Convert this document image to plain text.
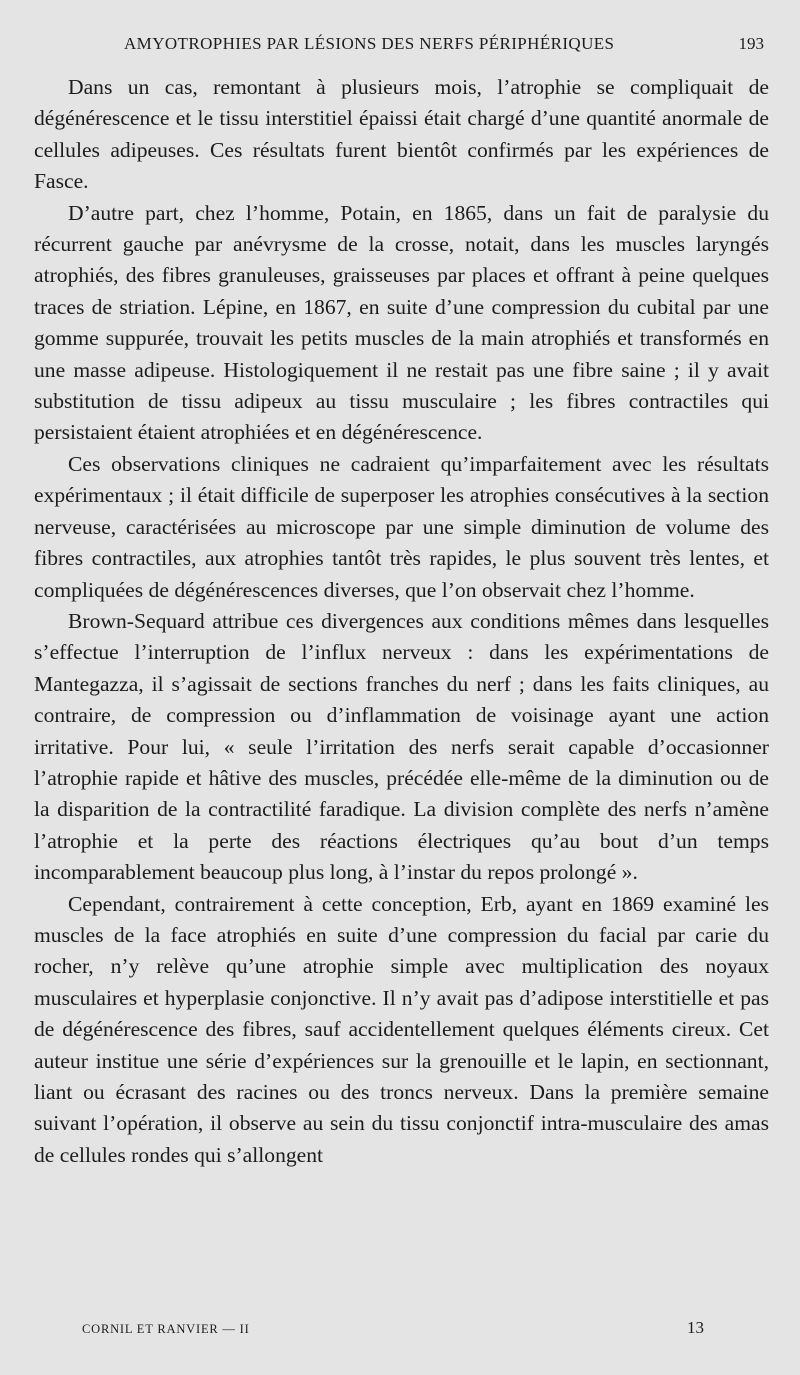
AMYOTROPHIES PAR LÉSIONS DES NERFS PÉRIPHÉRIQUES	193

Dans un cas, remontant à plusieurs mois, l’atrophie se compliquait de dégénérescence et le tissu interstitiel épaissi était chargé d’une quantité anormale de cellules adipeuses. Ces résultats furent bientôt confirmés par les expériences de Fasce.

D’autre part, chez l’homme, Potain, en 1865, dans un fait de paralysie du récurrent gauche par anévrysme de la crosse, notait, dans les muscles laryngés atrophiés, des fibres granuleuses, graisseuses par places et offrant à peine quelques traces de striation. Lépine, en 1867, en suite d’une compression du cubital par une gomme suppurée, trouvait les petits muscles de la main atrophiés et transformés en une masse adipeuse. Histologiquement il ne restait pas une fibre saine ; il y avait substitution de tissu adipeux au tissu musculaire ; les fibres contractiles qui persistaient étaient atrophiées et en dégénérescence.

Ces observations cliniques ne cadraient qu’imparfaitement avec les résultats expérimentaux ; il était difficile de superposer les atrophies consécutives à la section nerveuse, caractérisées au microscope par une simple diminution de volume des fibres contractiles, aux atrophies tantôt très rapides, le plus souvent très lentes, et compliquées de dégénérescences diverses, que l’on observait chez l’homme.

Brown-Sequard attribue ces divergences aux conditions mêmes dans lesquelles s’effectue l’interruption de l’influx nerveux : dans les expérimentations de Mantegazza, il s’agissait de sections franches du nerf ; dans les faits cliniques, au contraire, de compression ou d’inflammation de voisinage ayant une action irritative. Pour lui, « seule l’irritation des nerfs serait capable d’occasionner l’atrophie rapide et hâtive des muscles, précédée elle-même de la diminution ou de la disparition de la contractilité faradique. La division complète des nerfs n’amène l’atrophie et la perte des réactions électriques qu’au bout d’un temps incomparablement beaucoup plus long, à l’instar du repos prolongé ».

Cependant, contrairement à cette conception, Erb, ayant en 1869 examiné les muscles de la face atrophiés en suite d’une compression du facial par carie du rocher, n’y relève qu’une atrophie simple avec multiplication des noyaux musculaires et hyperplasie conjonctive. Il n’y avait pas d’adipose interstitielle et pas de dégénérescence des fibres, sauf accidentellement quelques éléments cireux. Cet auteur institue une série d’expériences sur la grenouille et le lapin, en sectionnant, liant ou écrasant des racines ou des troncs nerveux. Dans la première semaine suivant l’opération, il observe au sein du tissu conjonctif intra-musculaire des amas de cellules rondes qui s’allongent

CORNIL ET RANVIER — II	13
